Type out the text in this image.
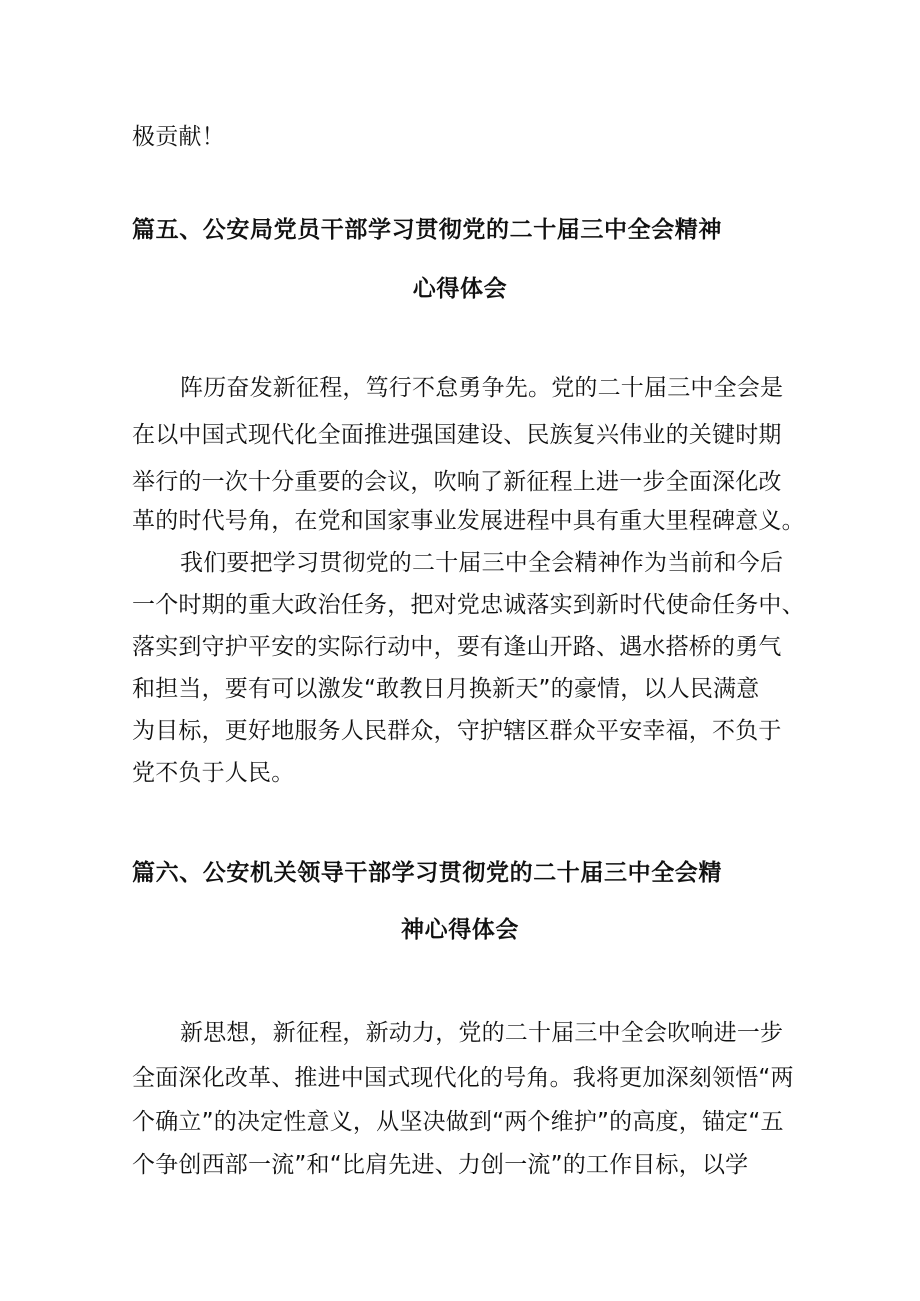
极贡献！
篇五、公安局党员干部学习贯彻党的二十届三中全会精神
心得体会
阵历奋发新征程，笃行不怠勇争先。党的二十届三中全会是
在以中国式现代化全面推进强国建设、民族复兴伟业的关键时期
举行的一次十分重要的会议，吹响了新征程上进一步全面深化改
革的时代号角，在党和国家事业发展进程中具有重大里程碑意义。
我们要把学习贯彻党的二十届三中全会精神作为当前和今后
一个时期的重大政治任务，把对党忠诚落实到新时代使命任务中、
落实到守护平安的实际行动中，要有逢山开路、遇水搭桥的勇气
和担当，要有可以激发“敢教日月换新天”的豪情，以人民满意
为目标，更好地服务人民群众，守护辖区群众平安幸福，不负于
党不负于人民。
篇六、公安机关领导干部学习贯彻党的二十届三中全会精
神心得体会
新思想，新征程，新动力，党的二十届三中全会吹响进一步
全面深化改革、推进中国式现代化的号角。我将更加深刻领悟“两
个确立”的决定性意义，从坚决做到“两个维护”的高度，锚定“五
个争创西部一流”和“比肩先进、力创一流”的工作目标，以学
